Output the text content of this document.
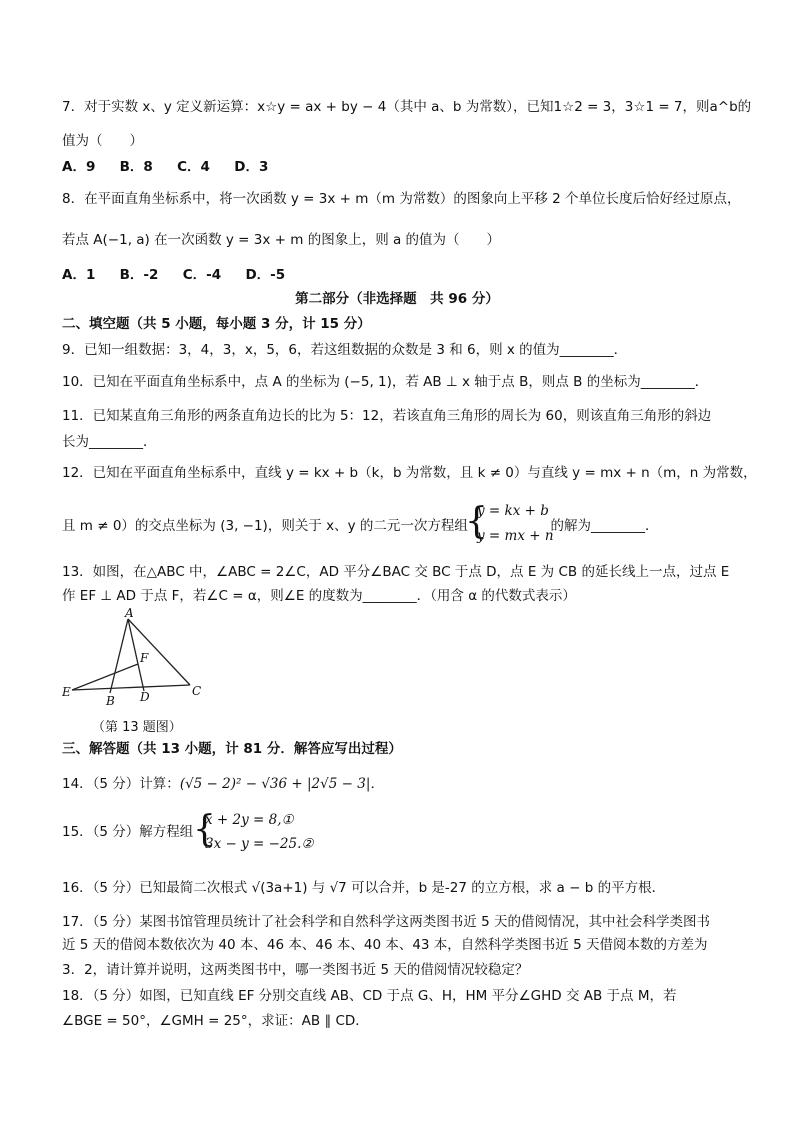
7．对于实数 x、y 定义新运算：x☆y = ax + by − 4（其中 a、b 为常数），已知1☆2 = 3，3☆1 = 7，则a^b的
值为（　　）
A．9 B．8 C．4 D．3
8．在平面直角坐标系中，将一次函数 y = 3x + m（m 为常数）的图象向上平移 2 个单位长度后恰好经过原点，
若点 A(−1, a) 在一次函数 y = 3x + m 的图象上，则 a 的值为（　　）
A．1 B．-2 C．-4 D．-5
第二部分（非选择题　共 96 分）
二、填空题（共 5 小题，每小题 3 分，计 15 分）
9．已知一组数据：3，4，3，x，5，6，若这组数据的众数是 3 和 6，则 x 的值为________．
10．已知在平面直角坐标系中，点 A 的坐标为 (−5, 1)，若 AB ⊥ x 轴于点 B，则点 B 的坐标为________．
11．已知某直角三角形的两条直角边长的比为 5：12，若该直角三角形的周长为 60，则该直角三角形的斜边
长为________．
12．已知在平面直角坐标系中，直线 y = kx + b（k，b 为常数，且 k ≠ 0）与直线 y = mx + n（m，n 为常数，
且 m ≠ 0）的交点坐标为 (3, −1)，则关于 x、y 的二元一次方程组	的解为________．
{
y = kx + b
y = mx + n
13．如图，在△ABC 中，∠ABC = 2∠C，AD 平分∠BAC 交 BC 于点 D，点 E 为 CB 的延长线上一点，过点 E
作 EF ⊥ AD 于点 F，若∠C = α，则∠E 的度数为________．（用含 α 的代数式表示）
A
F
E
B D	C
（第 13 题图）
三、解答题（共 13 小题，计 81 分．解答应写出过程）
14．（5 分）计算：(√5 − 2)² − √36 + |2√5 − 3|．
15．（5 分）解方程组 {
x + 2y = 8,①
3x − y = −25.②
16．（5 分）已知最简二次根式 √(3a+1) 与 √7 可以合并，b 是-27 的立方根，求 a − b 的平方根．
17．（5 分）某图书馆管理员统计了社会科学和自然科学这两类图书近 5 天的借阅情况，其中社会科学类图书
近 5 天的借阅本数依次为 40 本、46 本、46 本、40 本、43 本，自然科学类图书近 5 天借阅本数的方差为
3．2，请计算并说明，这两类图书中，哪一类图书近 5 天的借阅情况较稳定？
18．（5 分）如图，已知直线 EF 分别交直线 AB、CD 于点 G、H，HM 平分∠GHD 交 AB 于点 M，若
∠BGE = 50°，∠GMH = 25°，求证：AB ∥ CD．
